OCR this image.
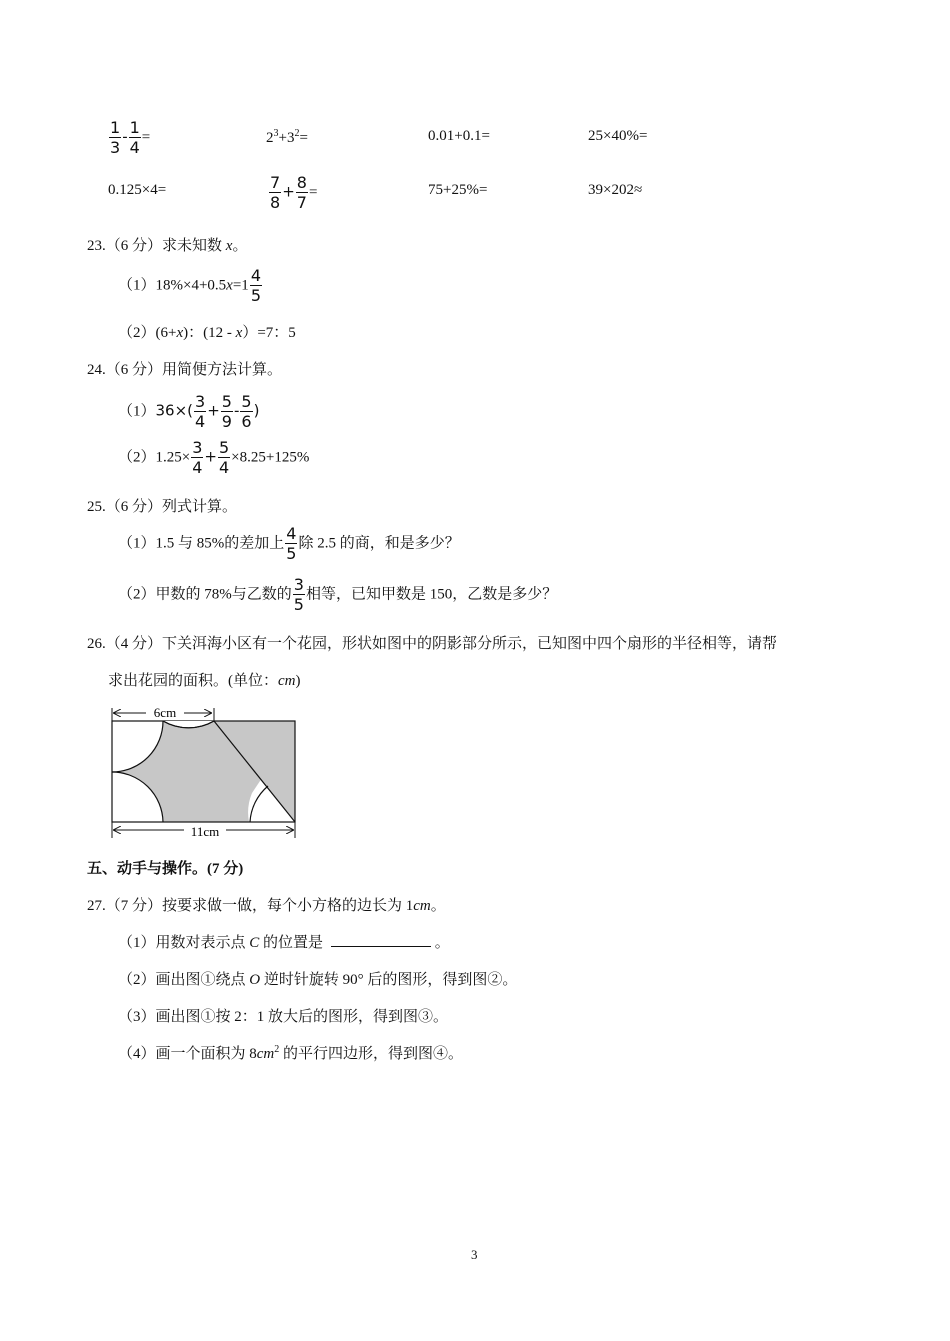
$\frac{1}{3} - \frac{1}{4}$ =	$2^3+3^2=$	0.01+0.1=	25×40%=
0.125×4=	$\frac{7}{8} + \frac{8}{7}$ =	75+25%=	39×202≈
23.（6 分）求未知数 x。
$(1)18\%\times 4+0.5x=1 \frac{4}{5}$
（2）(6+x)：(12 - x）=7：5
24.（6 分）用简便方法计算。
$(1)36\times( \frac{3}{4} + \frac{5}{9} - \frac{5}{6}$ )
$(2)1.25\times \frac{3}{4} + \frac{5}{4} \times 8.25+125\%$
25.（6 分）列式计算。
（1）1.5 与 85%的差加上 $\frac{4}{5}$ 除 2.5 的商，和是多少？
（2）甲数的 78%与乙数的 $\frac{3}{5}$ 相等，已知甲数是 150，乙数是多少？
26.（4 分）下关洱海小区有一个花园，形状如图中的阴影部分所示，已知图中四个扇形的半径相等，请帮
求出花园的面积。(单位：cm)
6cm
11cm
五、动手与操作。(7 分)
27.（7 分）按要求做一做，每个小方格的边长为 1cm。
（1）用数对表示点 C 的位置是	。
（2）画出图①绕点 O 逆时针旋转 90° 后的图形，得到图②。
（3）画出图①按 2：1 放大后的图形，得到图③。
（4）画一个面积为 $8cm^2$ 的平行四边形，得到图④。
3
